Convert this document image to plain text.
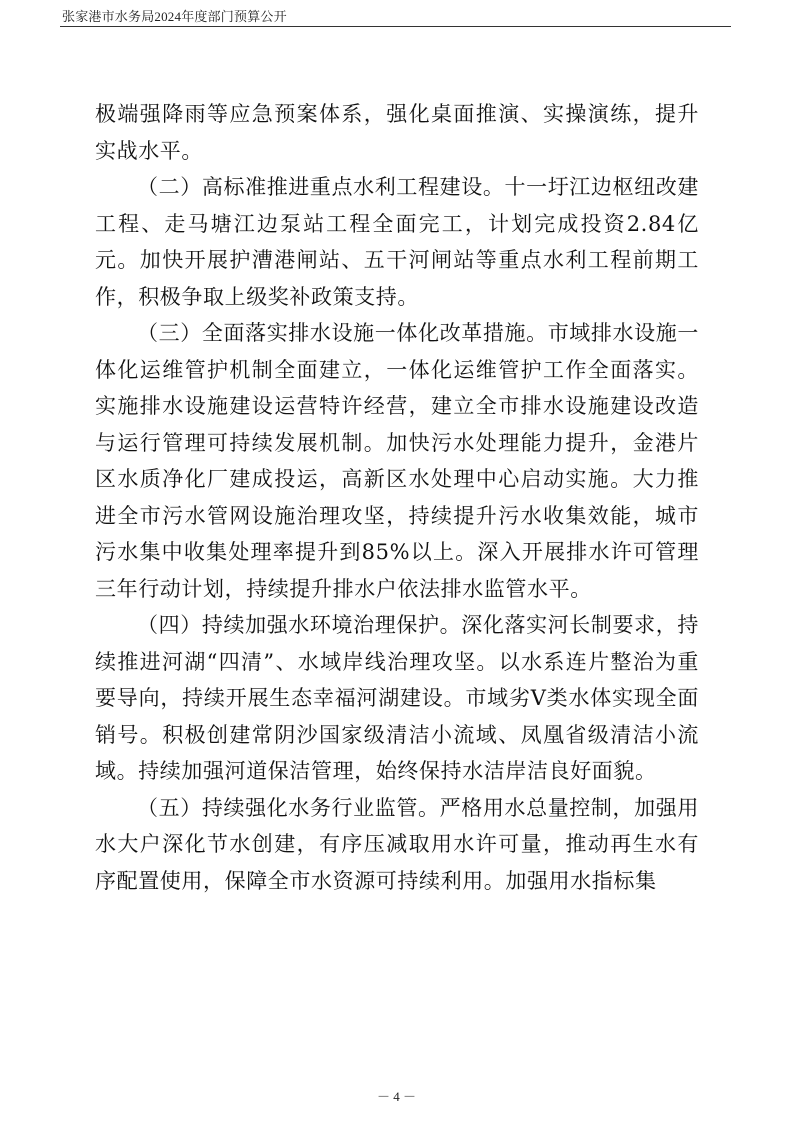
张家港市水务局2024年度部门预算公开

极端强降雨等应急预案体系，强化桌面推演、实操演练，提升实战水平。

（二）高标准推进重点水利工程建设。十一圩江边枢纽改建工程、走马塘江边泵站工程全面完工，计划完成投资2.84亿元。加快开展护漕港闸站、五干河闸站等重点水利工程前期工作，积极争取上级奖补政策支持。

（三）全面落实排水设施一体化改革措施。市域排水设施一体化运维管护机制全面建立，一体化运维管护工作全面落实。实施排水设施建设运营特许经营，建立全市排水设施建设改造与运行管理可持续发展机制。加快污水处理能力提升，金港片区水质净化厂建成投运，高新区水处理中心启动实施。大力推进全市污水管网设施治理攻坚，持续提升污水收集效能，城市污水集中收集处理率提升到85%以上。深入开展排水许可管理三年行动计划，持续提升排水户依法排水监管水平。

（四）持续加强水环境治理保护。深化落实河长制要求，持续推进河湖“四清”、水域岸线治理攻坚。以水系连片整治为重要导向，持续开展生态幸福河湖建设。市域劣Ⅴ类水体实现全面销号。积极创建常阴沙国家级清洁小流域、凤凰省级清洁小流域。持续加强河道保洁管理，始终保持水洁岸洁良好面貌。

（五）持续强化水务行业监管。严格用水总量控制，加强用水大户深化节水创建，有序压减取用水许可量，推动再生水有序配置使用，保障全市水资源可持续利用。加强用水指标集

－ 4 －
